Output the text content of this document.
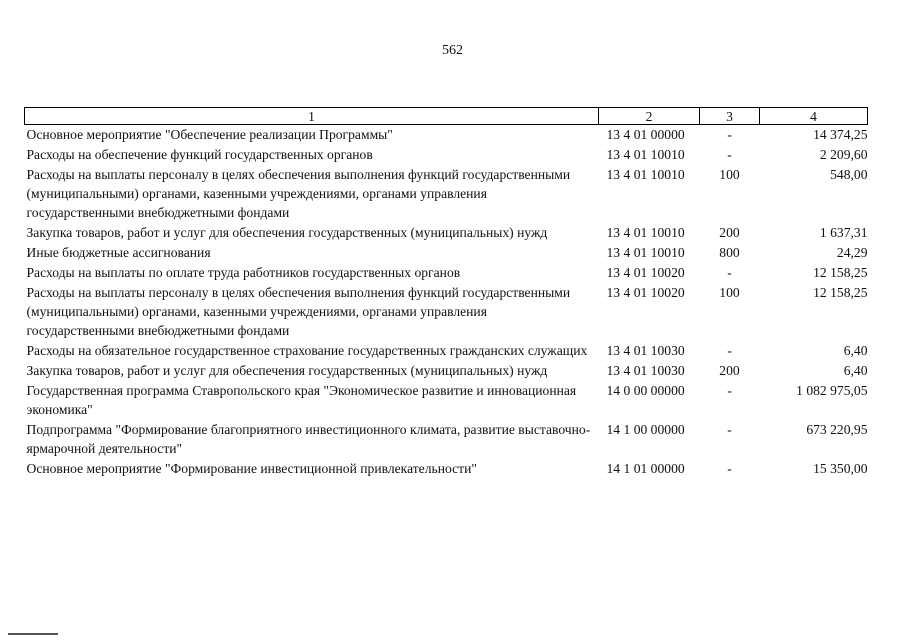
562
1	2	3	4
Основное мероприятие "Обеспечение реализации Программы"	13 4 01 00000	-	14 374,25
Расходы на обеспечение функций государственных органов	13 4 01 10010	-	2 209,60
Расходы на выплаты персоналу в целях обеспечения выполнения функций государственными (муниципальными) органами, казенными учреждениями, органами управления государственными внебюджетными фондами	13 4 01 10010	100	548,00
Закупка товаров, работ и услуг для обеспечения государственных (муниципальных) нужд	13 4 01 10010	200	1 637,31
Иные бюджетные ассигнования	13 4 01 10010	800	24,29
Расходы на выплаты по оплате труда работников государственных органов	13 4 01 10020	-	12 158,25
Расходы на выплаты персоналу в целях обеспечения выполнения функций государственными (муниципальными) органами, казенными учреждениями, органами управления государственными внебюджетными фондами	13 4 01 10020	100	12 158,25
Расходы на обязательное государственное страхование государственных гражданских служащих	13 4 01 10030	-	6,40
Закупка товаров, работ и услуг для обеспечения государственных (муниципальных) нужд	13 4 01 10030	200	6,40
Государственная программа Ставропольского края "Экономическое развитие и инновационная экономика"	14 0 00 00000	-	1 082 975,05
Подпрограмма "Формирование благоприятного инвестиционного климата, развитие выставочно-ярмарочной деятельности"	14 1 00 00000	-	673 220,95
Основное мероприятие "Формирование инвестиционной привлекательности"	14 1 01 00000	-	15 350,00
